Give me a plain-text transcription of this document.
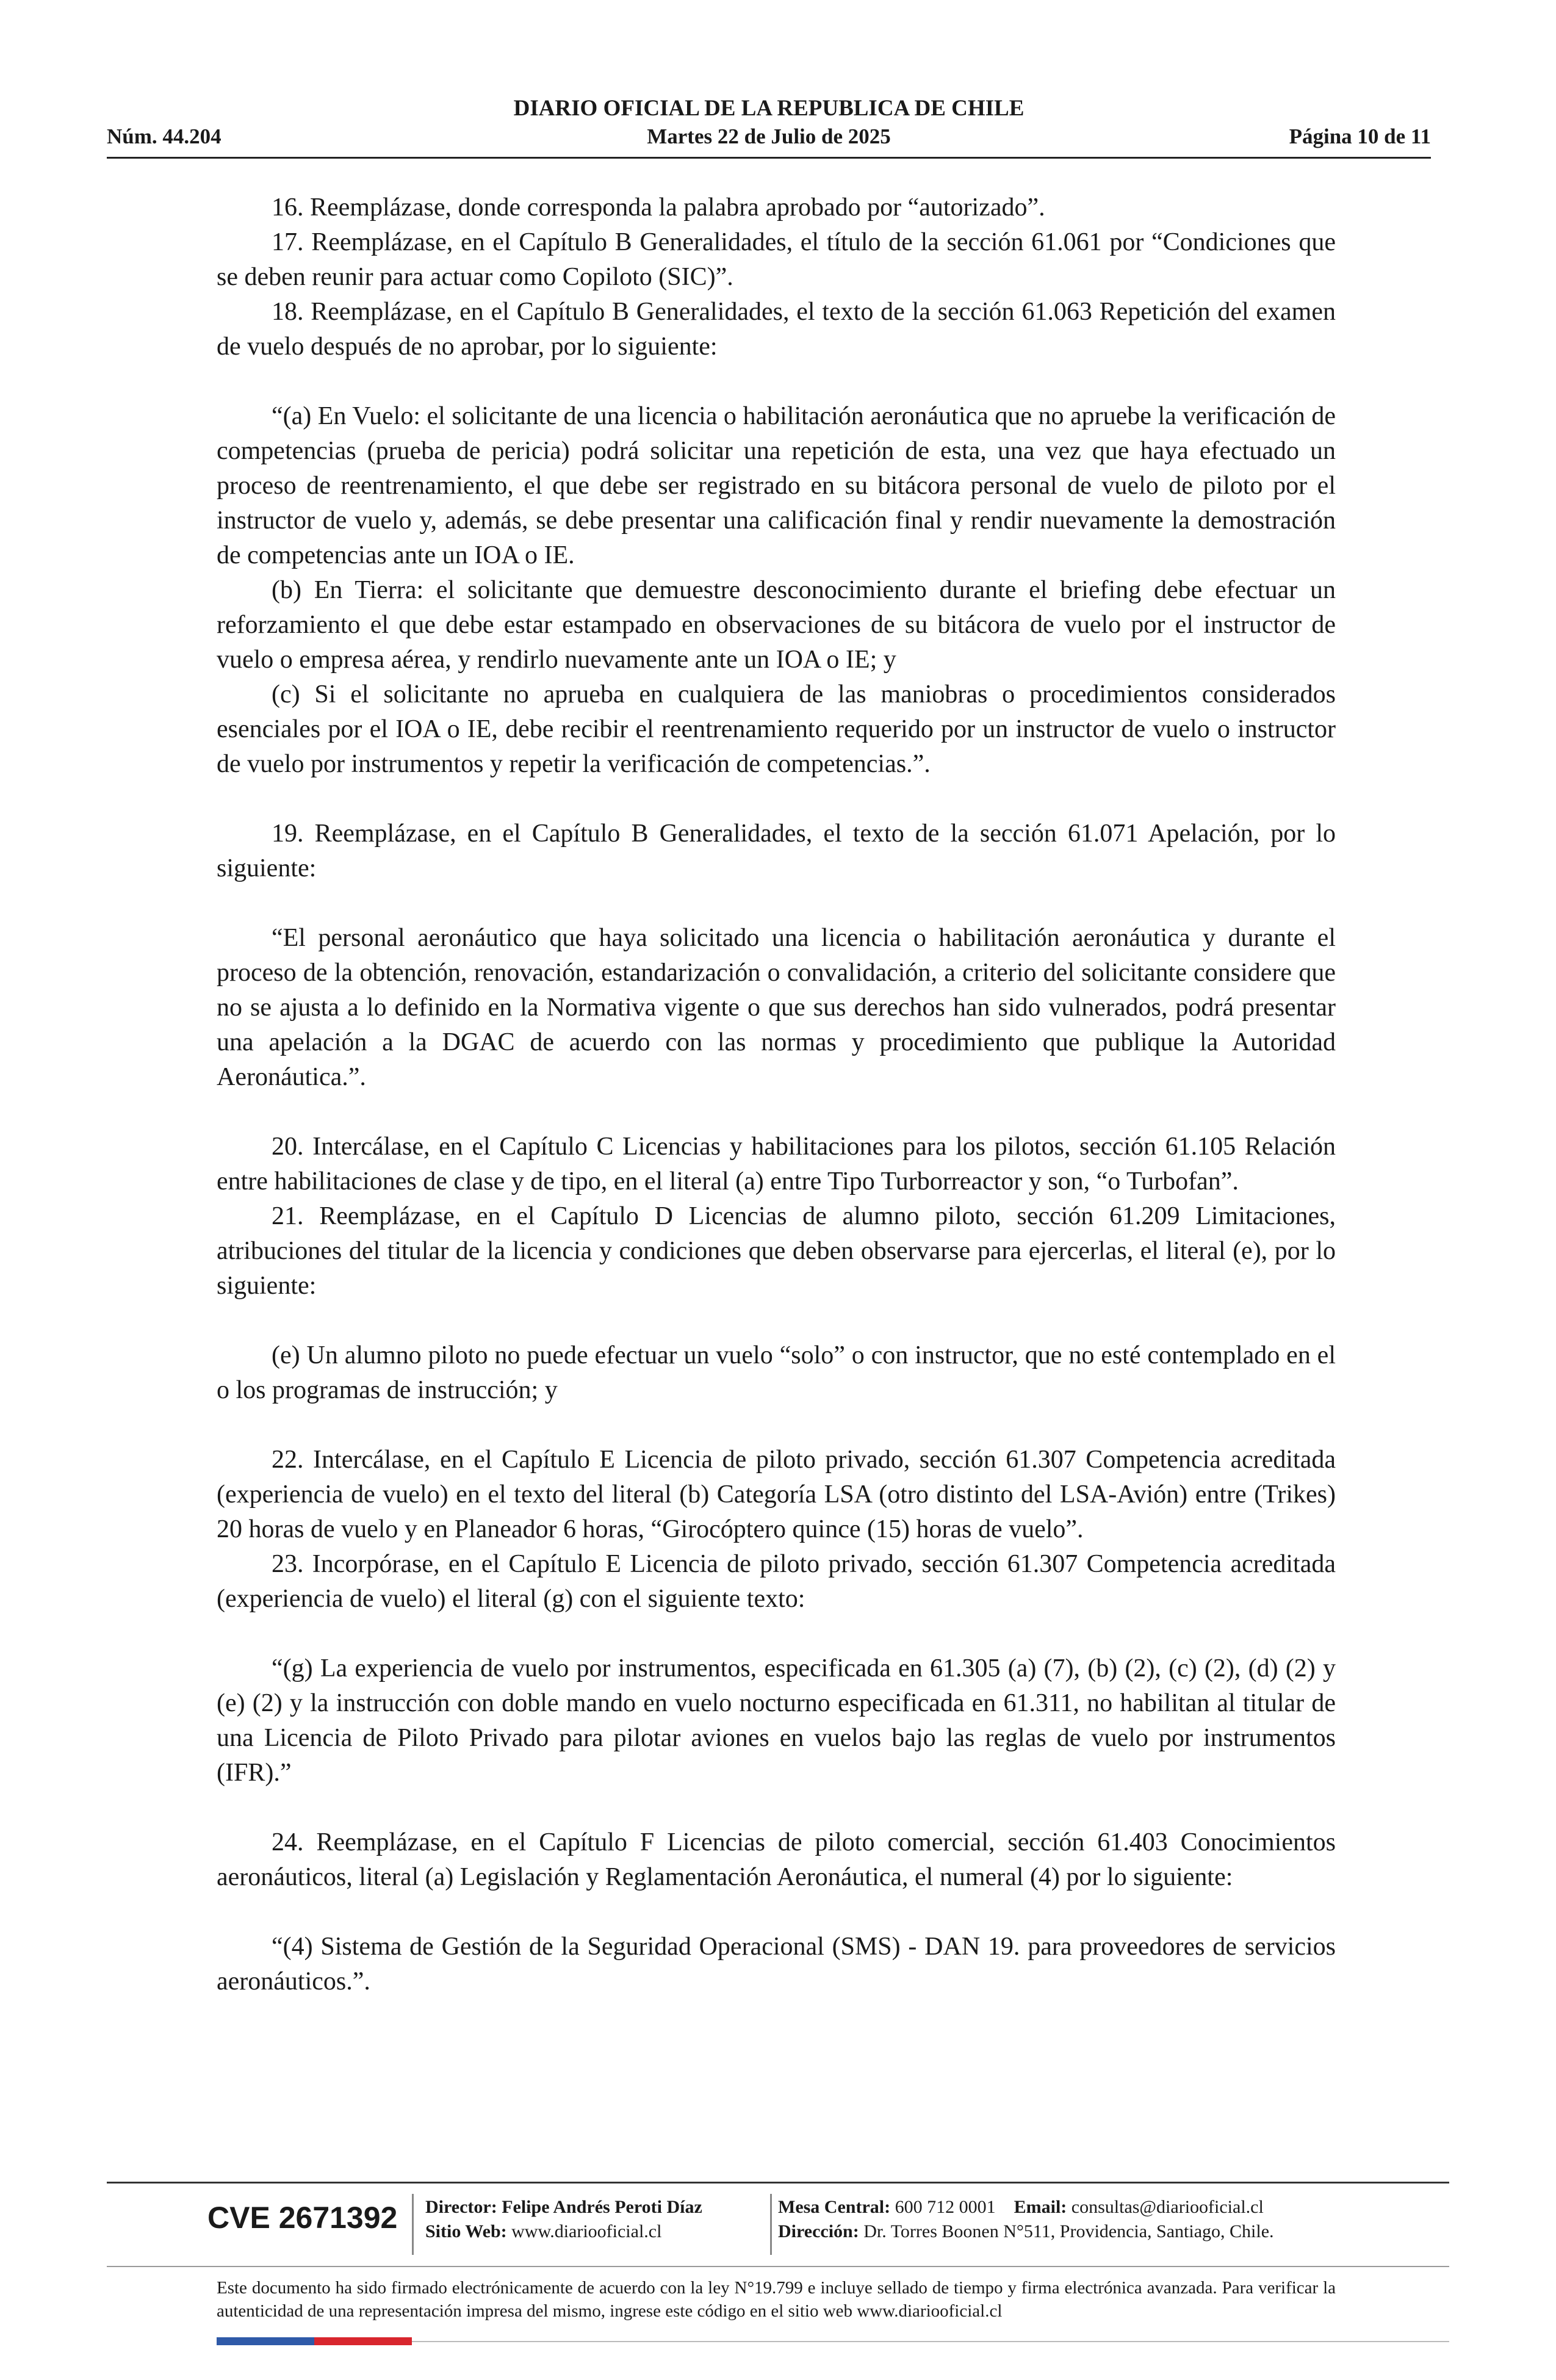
DIARIO OFICIAL DE LA REPUBLICA DE CHILE
Núm. 44.204	Martes 22 de Julio de 2025	Página 10 de 11

16. Reemplázase, donde corresponda la palabra aprobado por “autorizado”.

17. Reemplázase, en el Capítulo B Generalidades, el título de la sección 61.061 por “Condiciones que se deben reunir para actuar como Copiloto (SIC)”.

18. Reemplázase, en el Capítulo B Generalidades, el texto de la sección 61.063 Repetición del examen de vuelo después de no aprobar, por lo siguiente:

“(a) En Vuelo: el solicitante de una licencia o habilitación aeronáutica que no apruebe la verificación de competencias (prueba de pericia) podrá solicitar una repetición de esta, una vez que haya efectuado un proceso de reentrenamiento, el que debe ser registrado en su bitácora personal de vuelo de piloto por el instructor de vuelo y, además, se debe presentar una calificación final y rendir nuevamente la demostración de competencias ante un IOA o IE.

(b) En Tierra: el solicitante que demuestre desconocimiento durante el briefing debe efectuar un reforzamiento el que debe estar estampado en observaciones de su bitácora de vuelo por el instructor de vuelo o empresa aérea, y rendirlo nuevamente ante un IOA o IE; y

(c) Si el solicitante no aprueba en cualquiera de las maniobras o procedimientos considerados esenciales por el IOA o IE, debe recibir el reentrenamiento requerido por un instructor de vuelo o instructor de vuelo por instrumentos y repetir la verificación de competencias.”.

19. Reemplázase, en el Capítulo B Generalidades, el texto de la sección 61.071 Apelación, por lo siguiente:

“El personal aeronáutico que haya solicitado una licencia o habilitación aeronáutica y durante el proceso de la obtención, renovación, estandarización o convalidación, a criterio del solicitante considere que no se ajusta a lo definido en la Normativa vigente o que sus derechos han sido vulnerados, podrá presentar una apelación a la DGAC de acuerdo con las normas y procedimiento que publique la Autoridad Aeronáutica.”.

20. Intercálase, en el Capítulo C Licencias y habilitaciones para los pilotos, sección 61.105 Relación entre habilitaciones de clase y de tipo, en el literal (a) entre Tipo Turborreactor y son, “o Turbofan”.

21. Reemplázase, en el Capítulo D Licencias de alumno piloto, sección 61.209 Limitaciones, atribuciones del titular de la licencia y condiciones que deben observarse para ejercerlas, el literal (e), por lo siguiente:

(e) Un alumno piloto no puede efectuar un vuelo “solo” o con instructor, que no esté contemplado en el o los programas de instrucción; y

22. Intercálase, en el Capítulo E Licencia de piloto privado, sección 61.307 Competencia acreditada (experiencia de vuelo) en el texto del literal (b) Categoría LSA (otro distinto del LSA-Avión) entre (Trikes) 20 horas de vuelo y en Planeador 6 horas, “Girocóptero quince (15) horas de vuelo”.

23. Incorpórase, en el Capítulo E Licencia de piloto privado, sección 61.307 Competencia acreditada (experiencia de vuelo) el literal (g) con el siguiente texto:

“(g) La experiencia de vuelo por instrumentos, especificada en 61.305 (a) (7), (b) (2), (c) (2), (d) (2) y (e) (2) y la instrucción con doble mando en vuelo nocturno especificada en 61.311, no habilitan al titular de una Licencia de Piloto Privado para pilotar aviones en vuelos bajo las reglas de vuelo por instrumentos (IFR).”

24. Reemplázase, en el Capítulo F Licencias de piloto comercial, sección 61.403 Conocimientos aeronáuticos, literal (a) Legislación y Reglamentación Aeronáutica, el numeral (4) por lo siguiente:

“(4) Sistema de Gestión de la Seguridad Operacional (SMS) - DAN 19. para proveedores de servicios aeronáuticos.”.

CVE 2671392 Director: Felipe Andrés Peroti Díaz
Sitio Web: www.diariooficial.cl
Mesa Central: 600 712 0001 Email: consultas@diariooficial.cl
Dirección: Dr. Torres Boonen N°511, Providencia, Santiago, Chile.
Este documento ha sido firmado electrónicamente de acuerdo con la ley N°19.799 e incluye sellado de tiempo y firma electrónica avanzada. Para verificar la autenticidad de una representación impresa del mismo, ingrese este código en el sitio web www.diariooficial.cl
